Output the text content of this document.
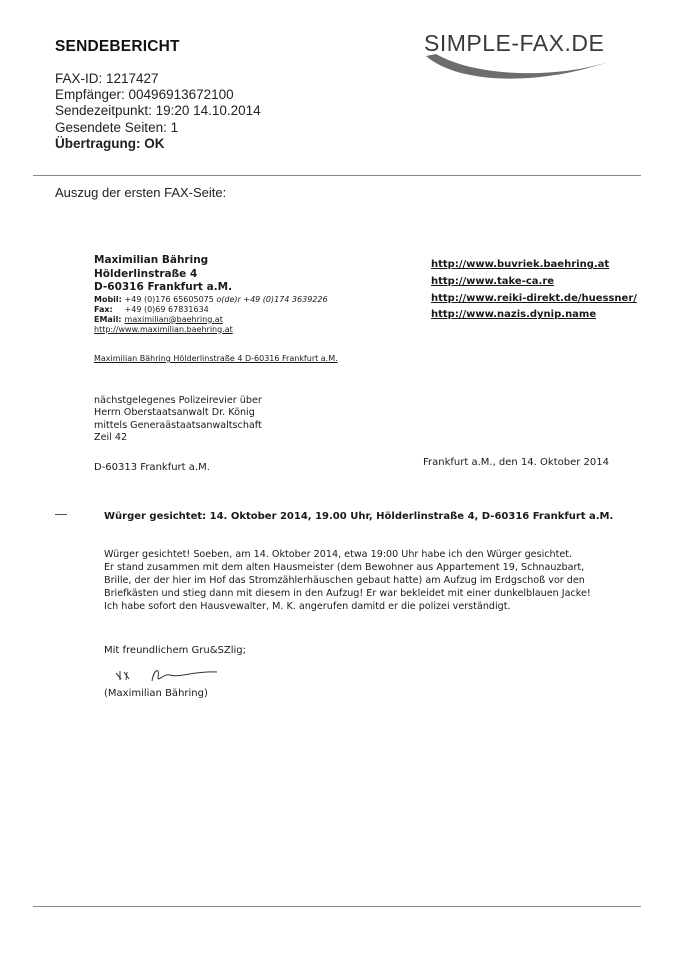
SENDEBERICHT
FAX-ID: 1217427
Empfänger: 00496913672100
Sendezeitpunkt: 19:20 14.10.2014
Gesendete Seiten: 1
Übertragung: OK
SIMPLE-FAX.DE
Auszug der ersten FAX-Seite:
Maximilian Bähring
Hölderlinstraße 4
D-60316 Frankfurt a.M.
Mobil: +49 (0)176 65605075 o(de)r +49 (0)174 3639226
Fax: +49 (0)69 67831634
EMail: maximilian@baehring.at
http://www.maximilian.baehring.at
http://www.buvriek.baehring.at
http://www.take-ca.re
http://www.reiki-direkt.de/huessner/
http://www.nazis.dynip.name
Maximilian Bähring Hölderlinstraße 4 D-60316 Frankfurt a.M.
nächstgelegenes Polizeirevier über
Herrn Oberstaatsanwalt Dr. König
mittels Generaästaatsanwaltschaft
Zeil 42
D-60313 Frankfurt a.M.	Frankfurt a.M., den 14. Oktober 2014
Würger gesichtet: 14. Oktober 2014, 19.00 Uhr, Hölderlinstraße 4, D-60316 Frankfurt a.M.
Würger gesichtet! Soeben, am 14. Oktober 2014, etwa 19:00 Uhr habe ich den Würger gesichtet.
Er stand zusammen mit dem alten Hausmeister (dem Bewohner aus Appartement 19, Schnauzbart,
Brille, der der hier im Hof das Stromzählerhäuschen gebaut hatte) am Aufzug im Erdgschoß vor den
Briefkästen und stieg dann mit diesem in den Aufzug! Er war bekleidet mit einer dunkelblauen Jacke!
Ich habe sofort den Hausvewalter, M. K. angerufen damitd er die polizei verständigt.
Mit freundlichem Gru&SZlig;
(Maximilian Bähring)
